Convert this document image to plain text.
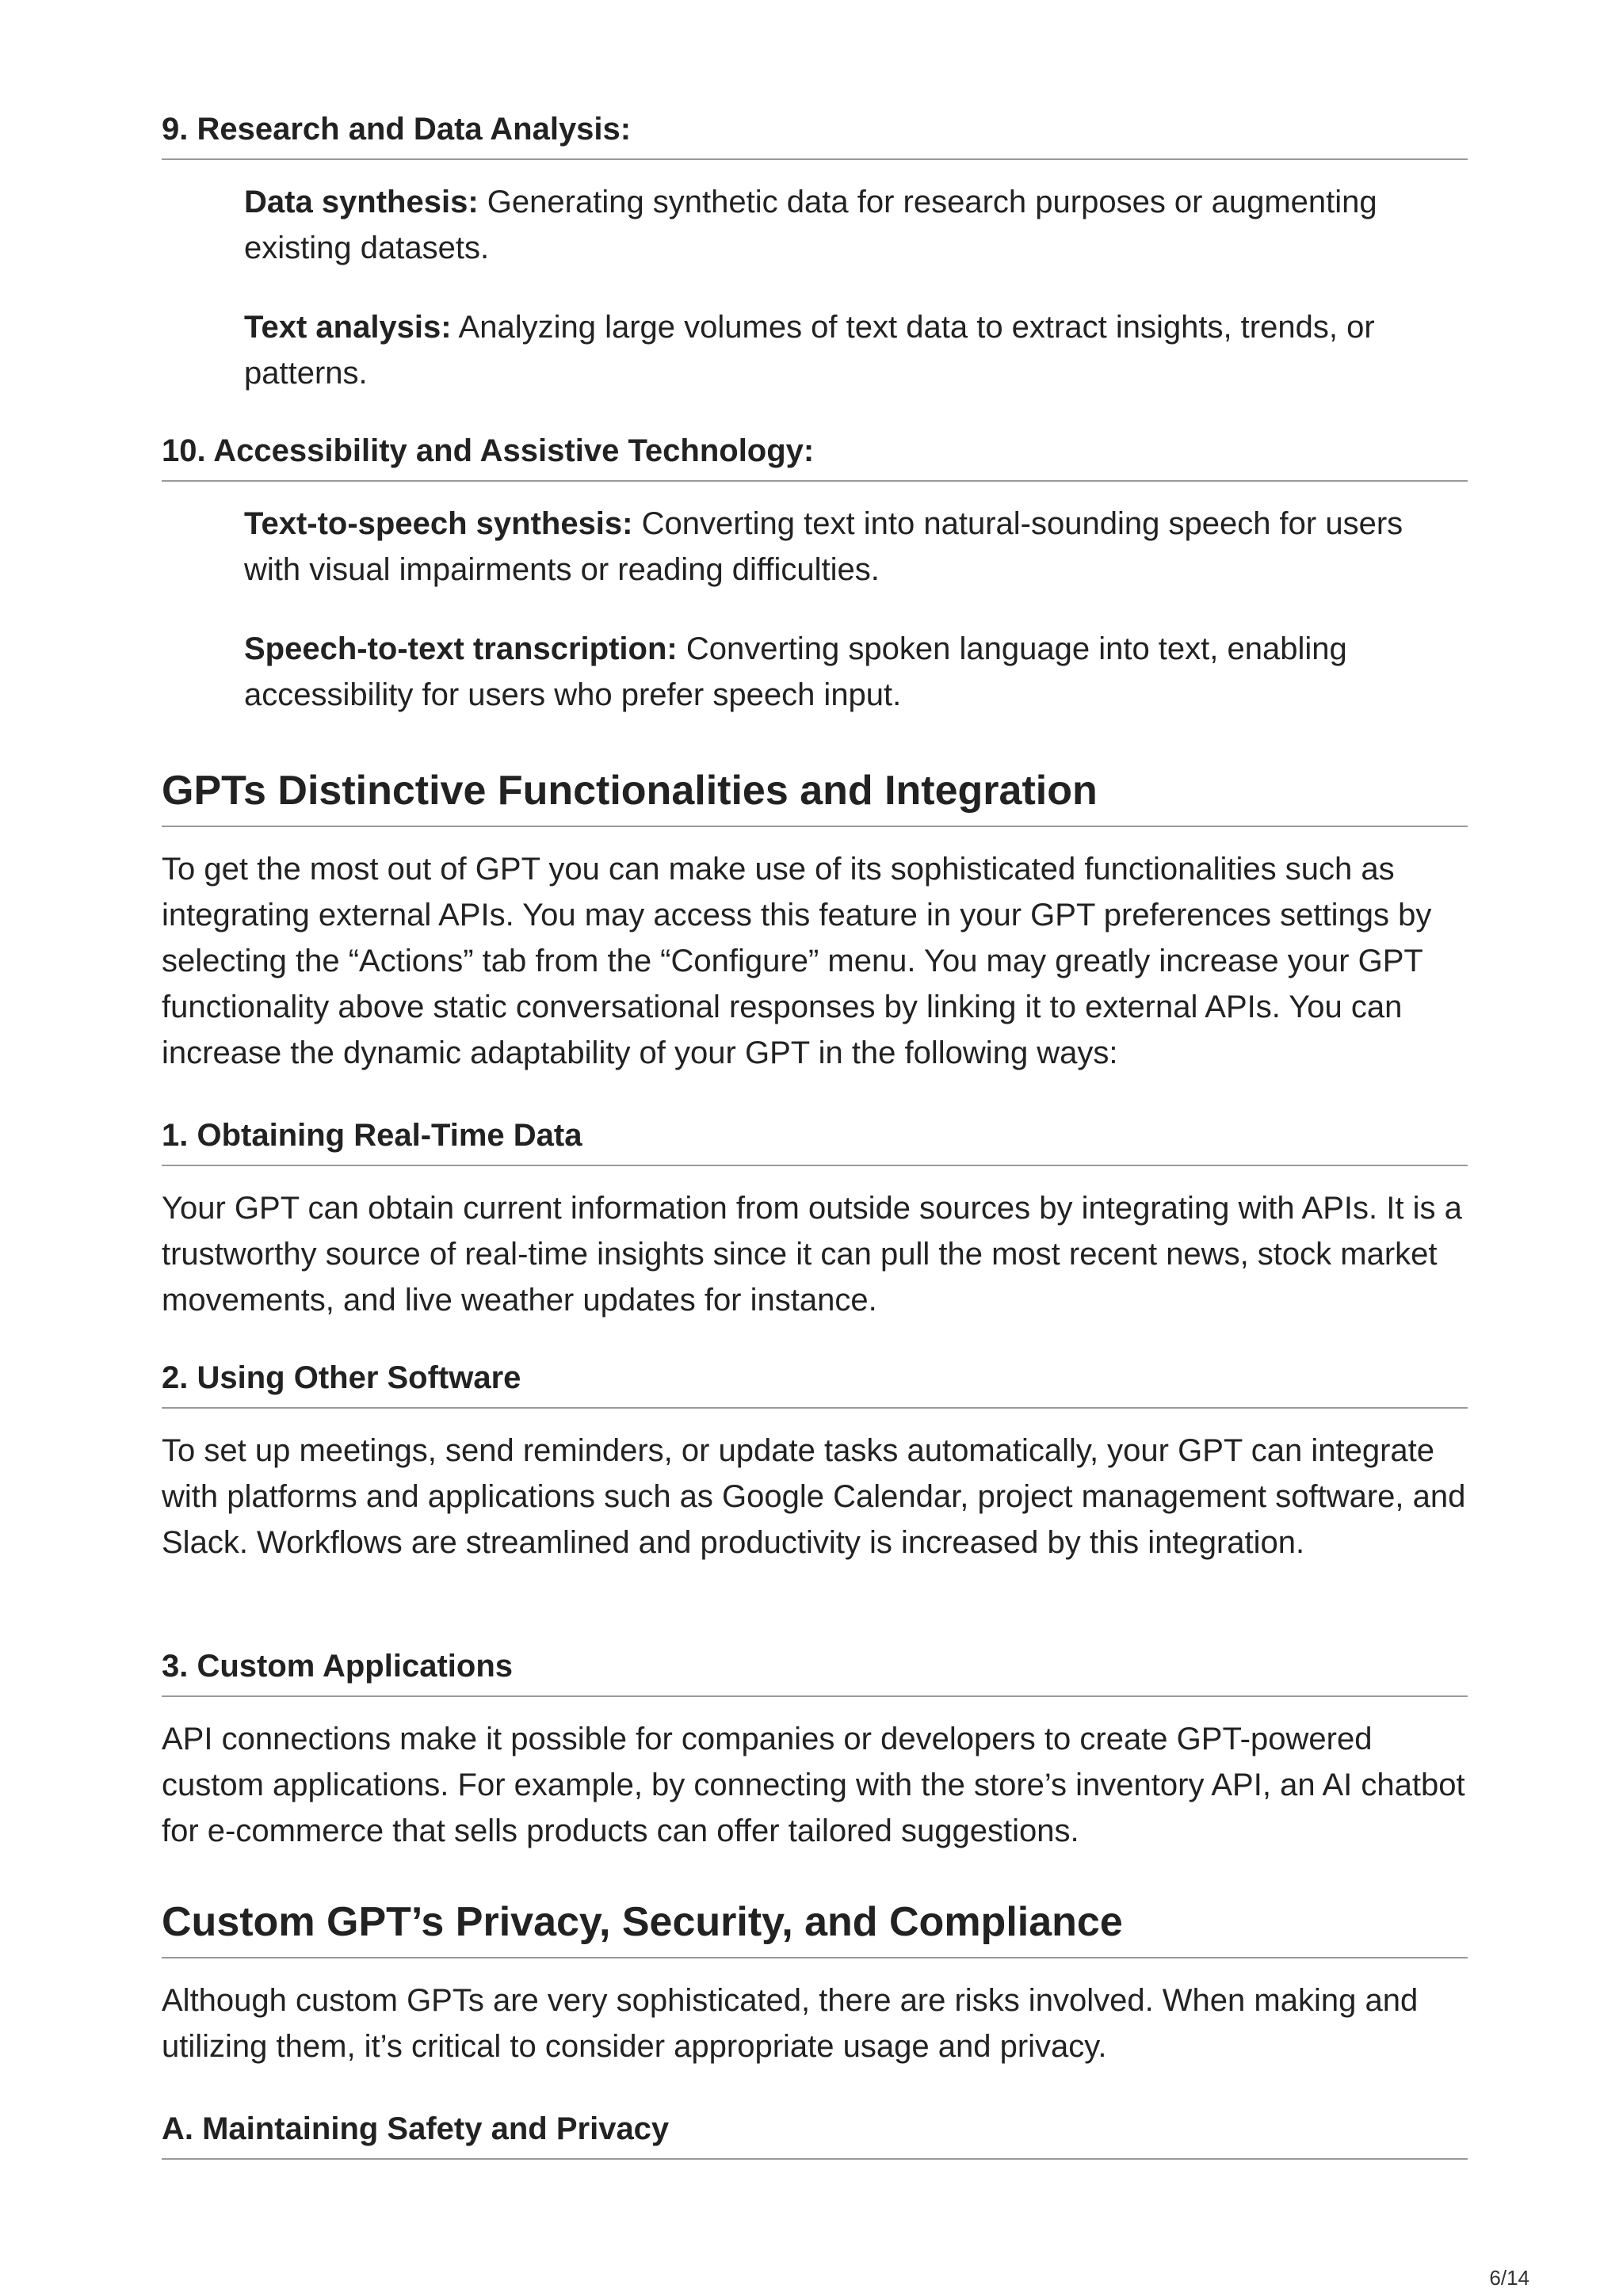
9. Research and Data Analysis:

Data synthesis: Generating synthetic data for research purposes or augmenting existing datasets.

Text analysis: Analyzing large volumes of text data to extract insights, trends, or patterns.

10. Accessibility and Assistive Technology:

Text-to-speech synthesis: Converting text into natural-sounding speech for users with visual impairments or reading difficulties.

Speech-to-text transcription: Converting spoken language into text, enabling accessibility for users who prefer speech input.

GPTs Distinctive Functionalities and Integration

To get the most out of GPT you can make use of its sophisticated functionalities such as integrating external APIs. You may access this feature in your GPT preferences settings by selecting the “Actions” tab from the “Configure” menu. You may greatly increase your GPT functionality above static conversational responses by linking it to external APIs. You can increase the dynamic adaptability of your GPT in the following ways:

1. Obtaining Real-Time Data

Your GPT can obtain current information from outside sources by integrating with APIs. It is a trustworthy source of real-time insights since it can pull the most recent news, stock market movements, and live weather updates for instance.

2. Using Other Software

To set up meetings, send reminders, or update tasks automatically, your GPT can integrate with platforms and applications such as Google Calendar, project management software, and Slack. Workflows are streamlined and productivity is increased by this integration.

3. Custom Applications

API connections make it possible for companies or developers to create GPT-powered custom applications. For example, by connecting with the store’s inventory API, an AI chatbot for e-commerce that sells products can offer tailored suggestions.

Custom GPT’s Privacy, Security, and Compliance

Although custom GPTs are very sophisticated, there are risks involved. When making and utilizing them, it’s critical to consider appropriate usage and privacy.

A. Maintaining Safety and Privacy
6/14
